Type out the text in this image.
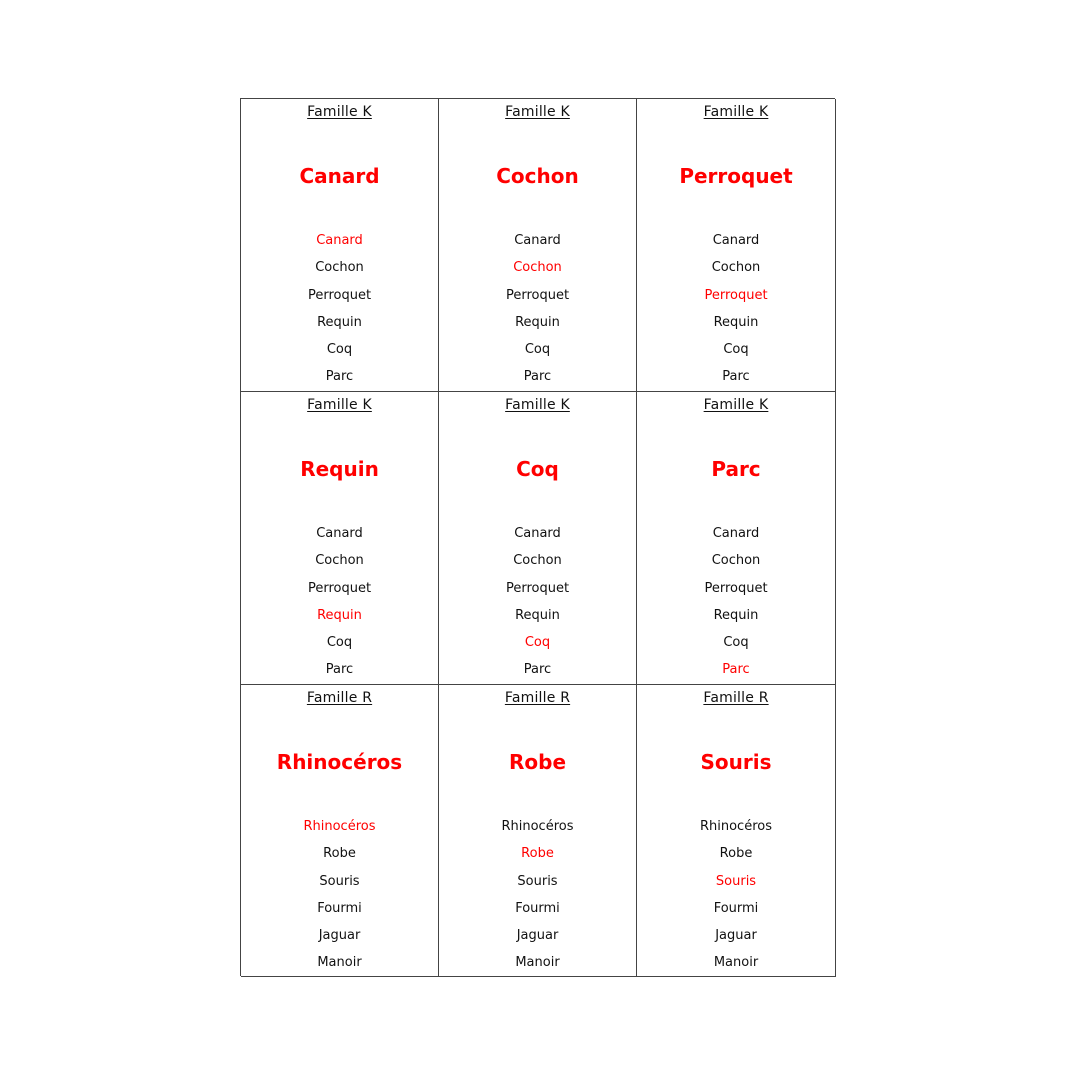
Famille K
Canard
Canard
Cochon
Perroquet
Requin
Coq
Parc
Famille K
Cochon
Canard
Cochon
Perroquet
Requin
Coq
Parc
Famille K
Perroquet
Canard
Cochon
Perroquet
Requin
Coq
Parc
Famille K
Requin
Canard
Cochon
Perroquet
Requin
Coq
Parc
Famille K
Coq
Canard
Cochon
Perroquet
Requin
Coq
Parc
Famille K
Parc
Canard
Cochon
Perroquet
Requin
Coq
Parc
Famille R
Rhinocéros
Rhinocéros
Robe
Souris
Fourmi
Jaguar
Manoir
Famille R
Robe
Rhinocéros
Robe
Souris
Fourmi
Jaguar
Manoir
Famille R
Souris
Rhinocéros
Robe
Souris
Fourmi
Jaguar
Manoir
